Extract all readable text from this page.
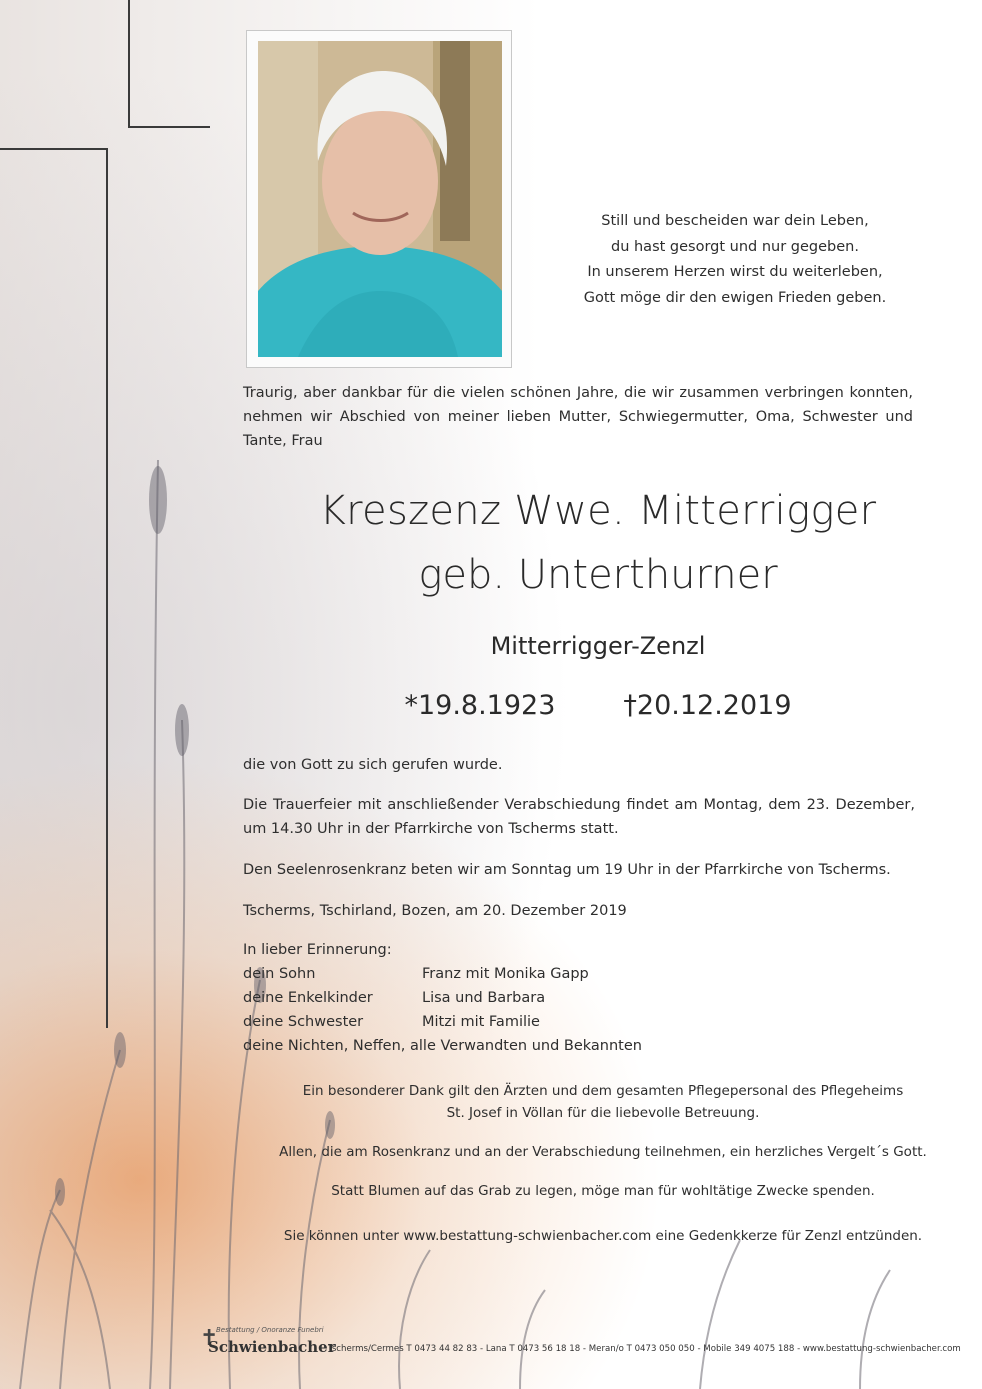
Still und bescheiden war dein Leben,
du hast gesorgt und nur gegeben.
In unserem Herzen wirst du weiterleben,
Gott möge dir den ewigen Frieden geben.
Traurig, aber dankbar für die vielen schönen Jahre, die wir zusammen verbringen konnten, nehmen wir Abschied von meiner lieben Mutter, Schwiegermutter, Oma, Schwester und Tante, Frau
Kreszenz Wwe. Mitterrigger
geb. Unterthurner
Mitterrigger-Zenzl
*19.8.1923	†20.12.2019
die von Gott zu sich gerufen wurde.
Die Trauerfeier mit anschließender Verabschiedung findet am Montag, dem 23. Dezember, um 14.30 Uhr in der Pfarrkirche von Tscherms statt.
Den Seelenrosenkranz beten wir am Sonntag um 19 Uhr in der Pfarrkirche von Tscherms.
Tscherms, Tschirland, Bozen, am 20. Dezember 2019
In lieber Erinnerung:
dein Sohn	Franz mit Monika Gapp
deine Enkelkinder	Lisa und Barbara
deine Schwester	Mitzi mit Familie
deine Nichten, Neffen, alle Verwandten und Bekannten
Ein besonderer Dank gilt den Ärzten und dem gesamten Pflegepersonal des Pflegeheims
St. Josef in Völlan für die liebevolle Betreuung.
Allen, die am Rosenkranz und an der Verabschiedung teilnehmen, ein herzliches Vergelt´s Gott.
Statt Blumen auf das Grab zu legen, möge man für wohltätige Zwecke spenden.
Sie können unter www.bestattung-schwienbacher.com eine Gedenkkerze für Zenzl entzünden.
✝
Bestattung / Onoranze Funebri
Schwienbacher
Tscherms/Cermes T 0473 44 82 83 - Lana T 0473 56 18 18 - Meran/o T 0473 050 050 - Mobile 349 4075 188 - www.bestattung-schwienbacher.com
